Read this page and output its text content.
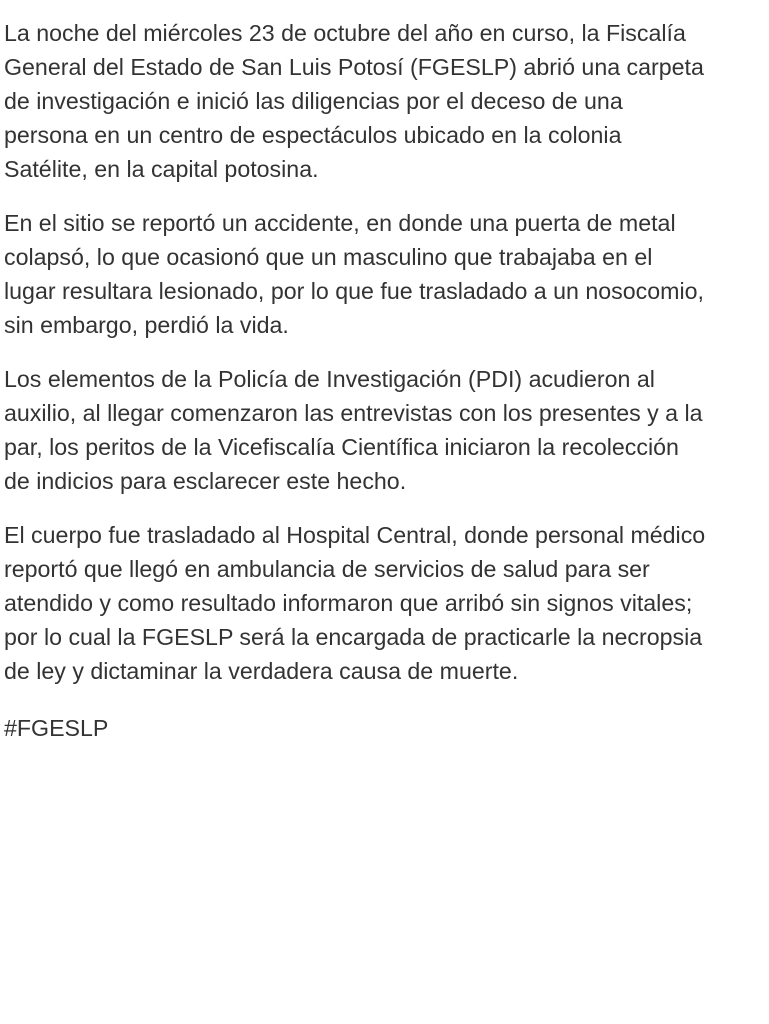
La noche del miércoles 23 de octubre del año en curso, la Fiscalía
General del Estado de San Luis Potosí (FGESLP) abrió una carpeta
de investigación e inició las diligencias por el deceso de una
persona en un centro de espectáculos ubicado en la colonia
Satélite, en la capital potosina.

En el sitio se reportó un accidente, en donde una puerta de metal
colapsó, lo que ocasionó que un masculino que trabajaba en el
lugar resultara lesionado, por lo que fue trasladado a un nosocomio,
sin embargo, perdió la vida.

Los elementos de la Policía de Investigación (PDI) acudieron al
auxilio, al llegar comenzaron las entrevistas con los presentes y a la
par, los peritos de la Vicefiscalía Científica iniciaron la recolección
de indicios para esclarecer este hecho.

El cuerpo fue trasladado al Hospital Central, donde personal médico
reportó que llegó en ambulancia de servicios de salud para ser
atendido y como resultado informaron que arribó sin signos vitales;
por lo cual la FGESLP será la encargada de practicarle la necropsia
de ley y dictaminar la verdadera causa de muerte.

#FGESLP
